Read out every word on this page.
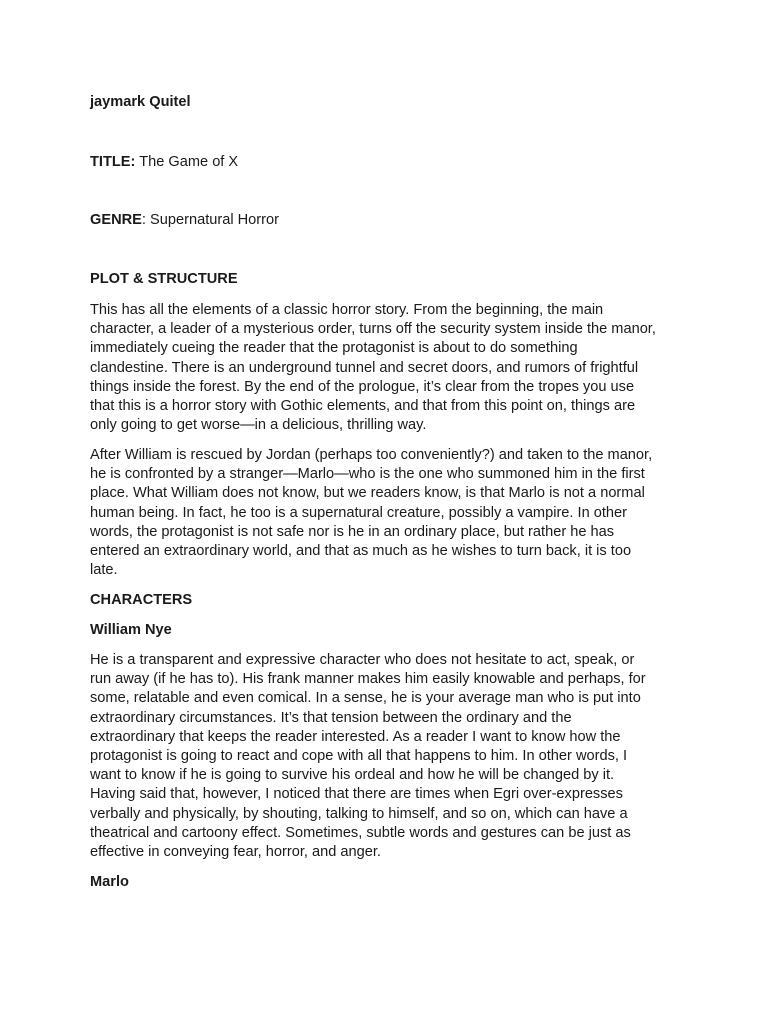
jaymark Quitel

TITLE: The Game of X

GENRE: Supernatural Horror

PLOT & STRUCTURE

This has all the elements of a classic horror story. From the beginning, the main
character, a leader of a mysterious order, turns off the security system inside the manor,
immediately cueing the reader that the protagonist is about to do something
clandestine. There is an underground tunnel and secret doors, and rumors of frightful
things inside the forest. By the end of the prologue, it’s clear from the tropes you use
that this is a horror story with Gothic elements, and that from this point on, things are
only going to get worse—in a delicious, thrilling way.
After William is rescued by Jordan (perhaps too conveniently?) and taken to the manor,
he is confronted by a stranger—Marlo—who is the one who summoned him in the first
place. What William does not know, but we readers know, is that Marlo is not a normal
human being. In fact, he too is a supernatural creature, possibly a vampire. In other
words, the protagonist is not safe nor is he in an ordinary place, but rather he has
entered an extraordinary world, and that as much as he wishes to turn back, it is too
late.

CHARACTERS

William Nye

He is a transparent and expressive character who does not hesitate to act, speak, or
run away (if he has to). His frank manner makes him easily knowable and perhaps, for
some, relatable and even comical. In a sense, he is your average man who is put into
extraordinary circumstances. It’s that tension between the ordinary and the
extraordinary that keeps the reader interested. As a reader I want to know how the
protagonist is going to react and cope with all that happens to him. In other words, I
want to know if he is going to survive his ordeal and how he will be changed by it.
Having said that, however, I noticed that there are times when Egri over-expresses
verbally and physically, by shouting, talking to himself, and so on, which can have a
theatrical and cartoony effect. Sometimes, subtle words and gestures can be just as
effective in conveying fear, horror, and anger.

Marlo
